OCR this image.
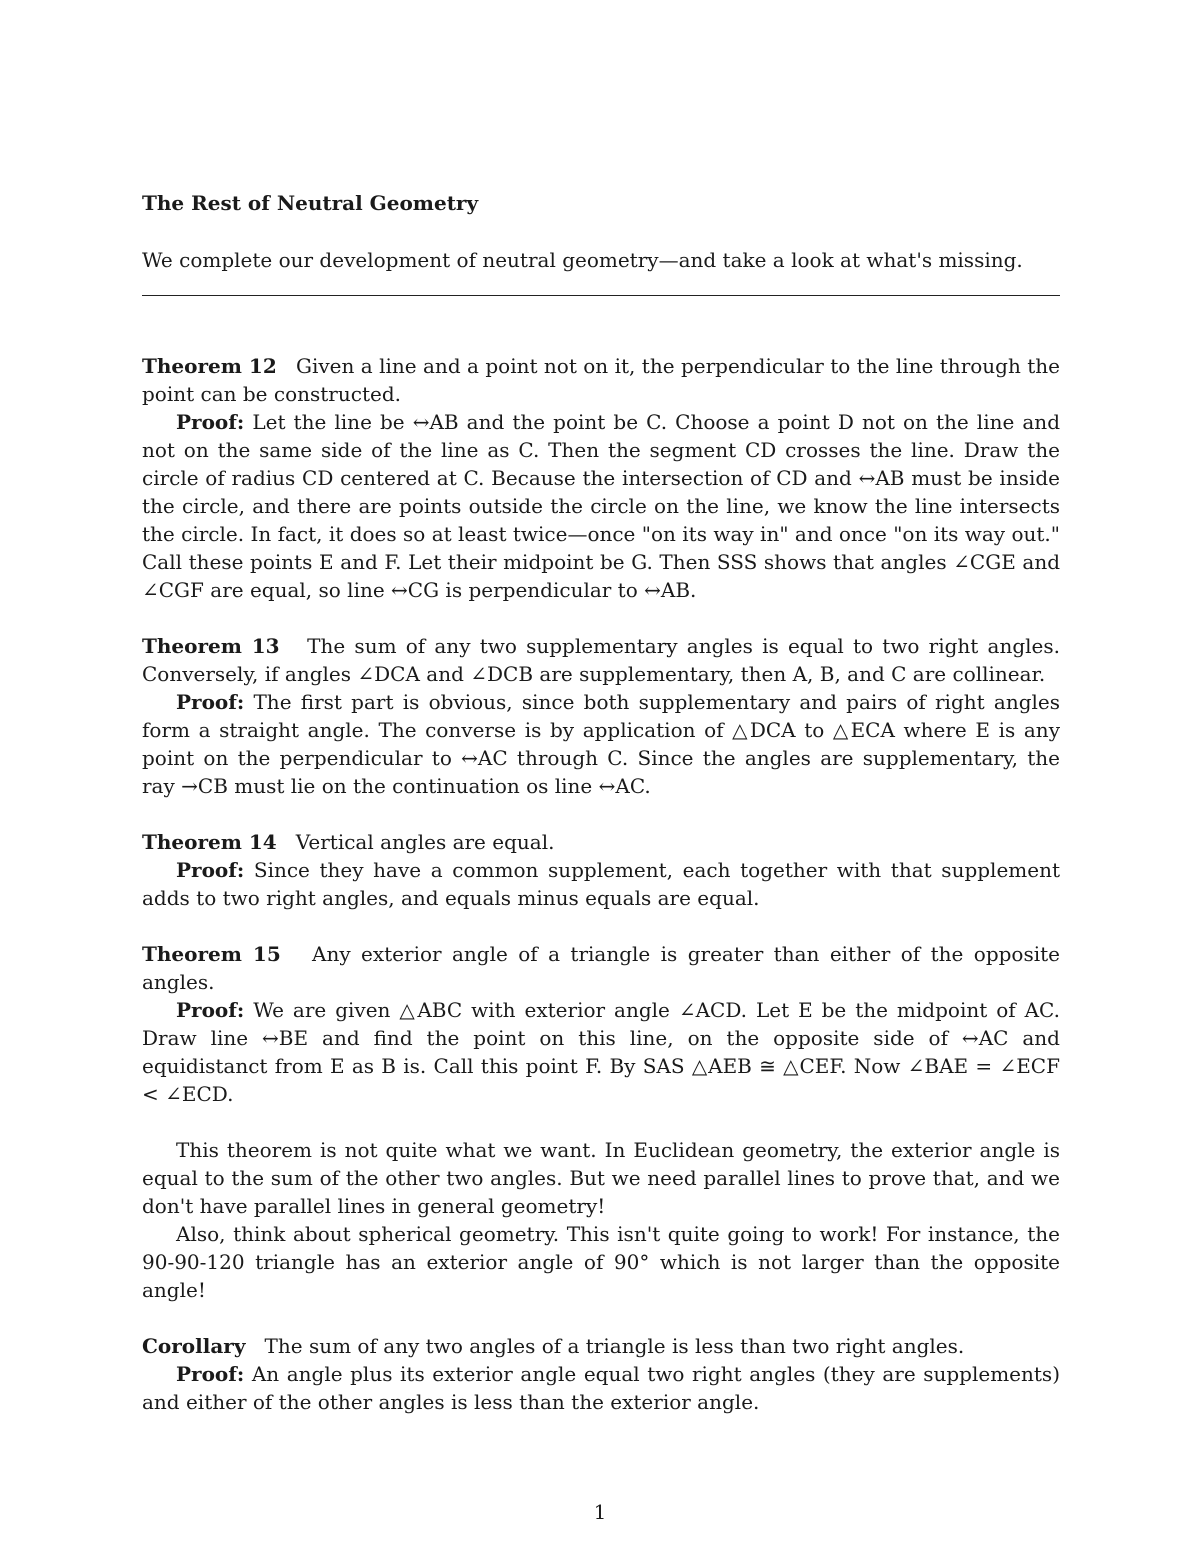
The Rest of Neutral Geometry

We complete our development of neutral geometry—and take a look at what's missing.

Theorem 12 Given a line and a point not on it, the perpendicular to the line through the point can be constructed.

Proof: Let the line be ↔AB and the point be C. Choose a point D not on the line and not on the same side of the line as C. Then the segment CD crosses the line. Draw the circle of radius CD centered at C. Because the intersection of CD and ↔AB must be inside the circle, and there are points outside the circle on the line, we know the line intersects the circle. In fact, it does so at least twice—once "on its way in" and once "on its way out." Call these points E and F. Let their midpoint be G. Then SSS shows that angles ∠CGE and ∠CGF are equal, so line ↔CG is perpendicular to ↔AB.

Theorem 13 The sum of any two supplementary angles is equal to two right angles. Conversely, if angles ∠DCA and ∠DCB are supplementary, then A, B, and C are collinear.

Proof: The first part is obvious, since both supplementary and pairs of right angles form a straight angle. The converse is by application of △DCA to △ECA where E is any point on the perpendicular to ↔AC through C. Since the angles are supplementary, the ray →CB must lie on the continuation os line ↔AC.

Theorem 14 Vertical angles are equal.

Proof: Since they have a common supplement, each together with that supplement adds to two right angles, and equals minus equals are equal.

Theorem 15 Any exterior angle of a triangle is greater than either of the opposite angles.

Proof: We are given △ABC with exterior angle ∠ACD. Let E be the midpoint of AC. Draw line ↔BE and find the point on this line, on the opposite side of ↔AC and equidistanct from E as B is. Call this point F. By SAS △AEB ≅ △CEF. Now ∠BAE = ∠ECF < ∠ECD.

This theorem is not quite what we want. In Euclidean geometry, the exterior angle is equal to the sum of the other two angles. But we need parallel lines to prove that, and we don't have parallel lines in general geometry!

Also, think about spherical geometry. This isn't quite going to work! For instance, the 90-90-120 triangle has an exterior angle of 90° which is not larger than the opposite angle!

Corollary The sum of any two angles of a triangle is less than two right angles.

Proof: An angle plus its exterior angle equal two right angles (they are supplements) and either of the other angles is less than the exterior angle.

1
